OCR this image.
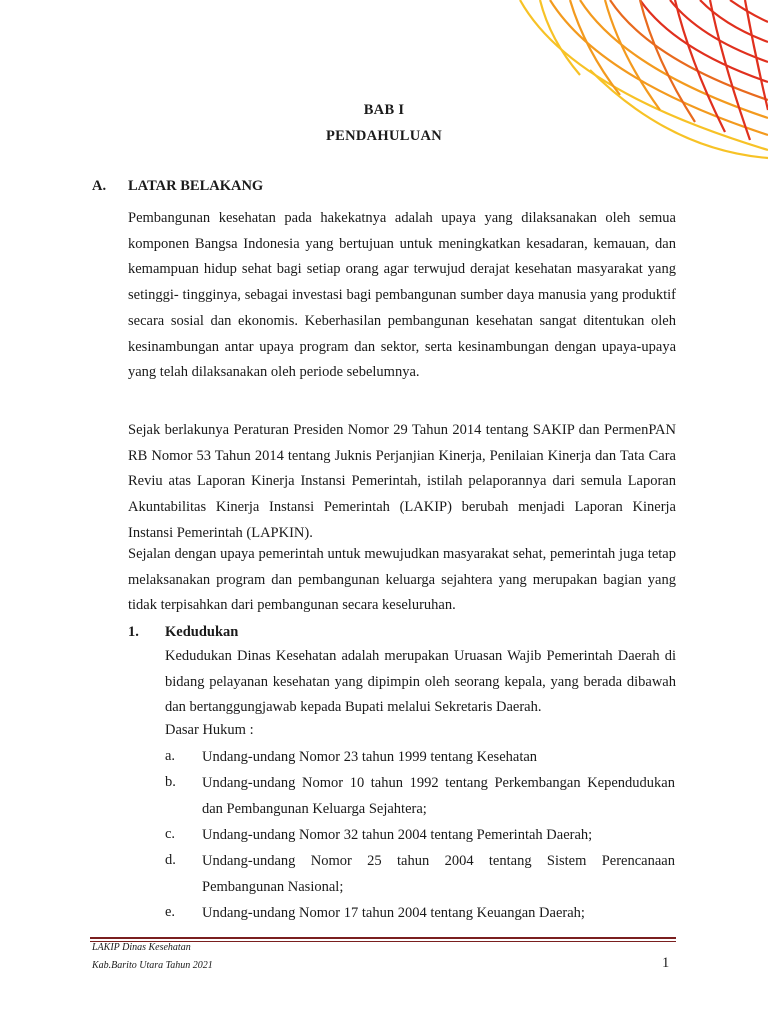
BAB I
PENDAHULUAN
A. LATAR BELAKANG

Pembangunan kesehatan pada hakekatnya adalah upaya yang dilaksanakan oleh semua komponen Bangsa Indonesia yang bertujuan untuk meningkatkan kesadaran, kemauan, dan kemampuan hidup sehat bagi setiap orang agar terwujud derajat kesehatan masyarakat yang setinggi- tingginya, sebagai investasi bagi pembangunan sumber daya manusia yang produktif secara sosial dan ekonomis. Keberhasilan pembangunan kesehatan sangat ditentukan oleh kesinambungan antar upaya program dan sektor, serta kesinambungan dengan upaya-upaya yang telah dilaksanakan oleh periode sebelumnya.

Sejak berlakunya Peraturan Presiden Nomor 29 Tahun 2014 tentang SAKIP dan PermenPAN RB Nomor 53 Tahun 2014 tentang Juknis Perjanjian Kinerja, Penilaian Kinerja dan Tata Cara Reviu atas Laporan Kinerja Instansi Pemerintah, istilah pelaporannya dari semula Laporan Akuntabilitas Kinerja Instansi Pemerintah (LAKIP) berubah menjadi Laporan Kinerja Instansi Pemerintah (LAPKIN).

Sejalan dengan upaya pemerintah untuk mewujudkan masyarakat sehat, pemerintah juga tetap melaksanakan program dan pembangunan keluarga sejahtera yang merupakan bagian yang tidak terpisahkan dari pembangunan secara keseluruhan.

1. Kedudukan

Kedudukan Dinas Kesehatan adalah merupakan Uruasan Wajib Pemerintah Daerah di bidang pelayanan kesehatan yang dipimpin oleh seorang kepala, yang berada dibawah dan bertanggungjawab kepada Bupati melalui Sekretaris Daerah.

Dasar Hukum :
a. Undang-undang Nomor 23 tahun 1999 tentang Kesehatan

b. Undang-undang Nomor 10 tahun 1992 tentang Perkembangan Kependudukan dan Pembangunan Keluarga Sejahtera;

c. Undang-undang Nomor 32 tahun 2004 tentang Pemerintah Daerah;

d. Undang-undang Nomor 25 tahun 2004 tentang Sistem Perencanaan Pembangunan Nasional;

e. Undang-undang Nomor 17 tahun 2004 tentang Keuangan Daerah;

LAKIP Dinas Kesehatan
Kab.Barito Utara Tahun 2021	1
